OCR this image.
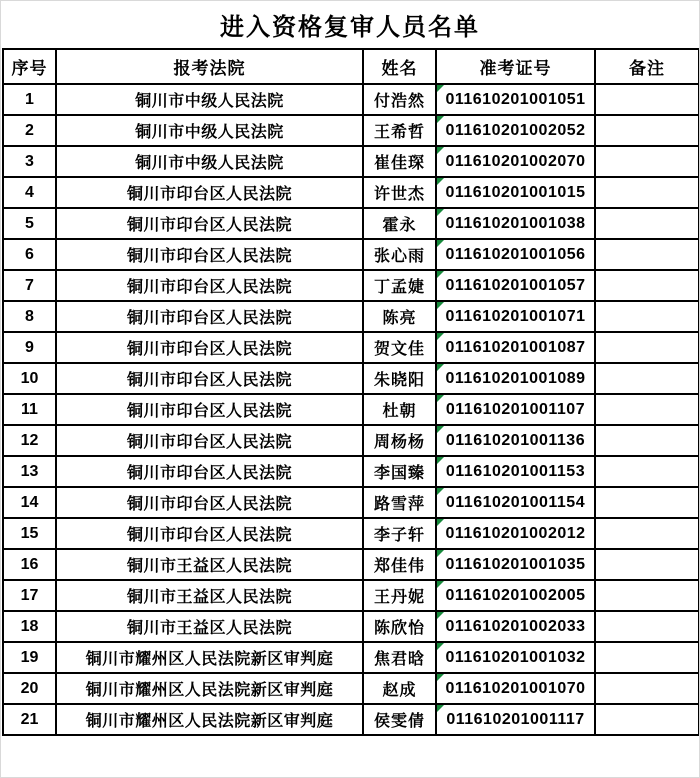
进入资格复审人员名单
序号	报考法院	姓名	准考证号	备注
1	铜川市中级人民法院	付浩然	011610201001051

2	铜川市中级人民法院	王希哲	011610201002052

3	铜川市中级人民法院	崔佳琛	011610201002070

4	铜川市印台区人民法院	许世杰	011610201001015

5	铜川市印台区人民法院	霍永	011610201001038

6	铜川市印台区人民法院	张心雨	011610201001056

7	铜川市印台区人民法院	丁孟婕	011610201001057

8	铜川市印台区人民法院	陈亮	011610201001071

9	铜川市印台区人民法院	贺文佳	011610201001087

10	铜川市印台区人民法院	朱晓阳	011610201001089

11	铜川市印台区人民法院	杜朝	011610201001107

12	铜川市印台区人民法院	周杨杨	011610201001136

13	铜川市印台区人民法院	李国臻	011610201001153

14	铜川市印台区人民法院	路雪萍	011610201001154

15	铜川市印台区人民法院	李子轩	011610201002012

16	铜川市王益区人民法院	郑佳伟	011610201001035

17	铜川市王益区人民法院	王丹妮	011610201002005

18	铜川市王益区人民法院	陈欣怡	011610201002033

19	铜川市耀州区人民法院新区审判庭	焦君晗	011610201001032

20	铜川市耀州区人民法院新区审判庭	赵成	011610201001070

21	铜川市耀州区人民法院新区审判庭	侯雯倩	011610201001117
